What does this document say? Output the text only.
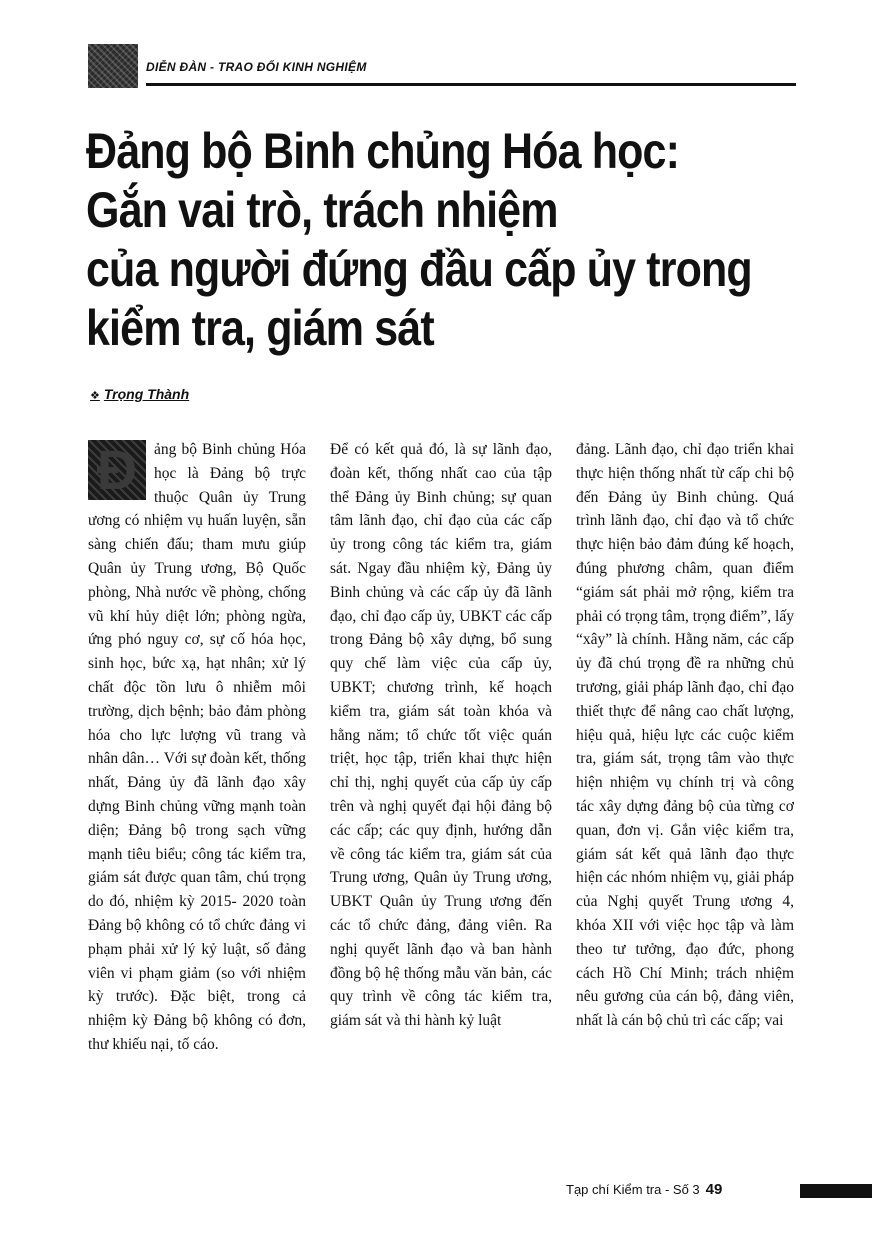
DIỄN ĐÀN - TRAO ĐỔI KINH NGHIỆM
Đảng bộ Binh chủng Hóa học:
Gắn vai trò, trách nhiệm
của người đứng đầu cấp ủy trong
kiểm tra, giám sát
❖ Trọng Thành
Đ	ảng bộ Binh chủng Hóa học là Đảng bộ trực thuộc Quân ủy Trung ương có nhiệm vụ huấn luyện, sẵn sàng chiến đấu; tham mưu giúp Quân ủy Trung ương, Bộ Quốc phòng, Nhà nước về phòng, chống vũ khí hủy diệt lớn; phòng ngừa, ứng phó nguy cơ, sự cố hóa học, sinh học, bức xạ, hạt nhân; xử lý chất độc tồn lưu ô nhiễm môi trường, dịch bệnh; bảo đảm phòng hóa cho lực lượng vũ trang và nhân dân… Với sự đoàn kết, thống nhất, Đảng ủy đã lãnh đạo xây dựng Binh chủng vững mạnh toàn diện; Đảng bộ trong sạch vững mạnh tiêu biểu; công tác kiểm tra, giám sát được quan tâm, chú trọng do đó, nhiệm kỳ 2015- 2020 toàn Đảng bộ không có tổ chức đảng vi phạm phải xử lý kỷ luật, số đảng viên vi phạm giảm (so với nhiệm kỳ trước). Đặc biệt, trong cả nhiệm kỳ Đảng bộ không có đơn, thư khiếu nại, tố cáo.
Để có kết quả đó, là sự lãnh đạo, đoàn kết, thống nhất cao của tập thể Đảng ủy Binh chủng; sự quan tâm lãnh đạo, chỉ đạo của các cấp ủy trong công tác kiểm tra, giám sát. Ngay đầu nhiệm kỳ, Đảng ủy Binh chủng và các cấp ủy đã lãnh đạo, chỉ đạo cấp ủy, UBKT các cấp trong Đảng bộ xây dựng, bổ sung quy chế làm việc của cấp ủy, UBKT; chương trình, kế hoạch kiểm tra, giám sát toàn khóa và hằng năm; tổ chức tốt việc quán triệt, học tập, triển khai thực hiện chỉ thị, nghị quyết của cấp ủy cấp trên và nghị quyết đại hội đảng bộ các cấp; các quy định, hướng dẫn về công tác kiểm tra, giám sát của Trung ương, Quân ủy Trung ương, UBKT Quân ủy Trung ương đến các tổ chức đảng, đảng viên. Ra nghị quyết lãnh đạo và ban hành đồng bộ hệ thống mẫu văn bản, các quy trình về công tác kiểm tra, giám sát và thi hành kỷ luật
đảng. Lãnh đạo, chỉ đạo triển khai thực hiện thống nhất từ cấp chi bộ đến Đảng ủy Binh chủng. Quá trình lãnh đạo, chỉ đạo và tổ chức thực hiện bảo đảm đúng kế hoạch, đúng phương châm, quan điểm “giám sát phải mở rộng, kiểm tra phải có trọng tâm, trọng điểm”, lấy “xây” là chính. Hằng năm, các cấp ủy đã chú trọng đề ra những chủ trương, giải pháp lãnh đạo, chỉ đạo thiết thực để nâng cao chất lượng, hiệu quả, hiệu lực các cuộc kiểm tra, giám sát, trọng tâm vào thực hiện nhiệm vụ chính trị và công tác xây dựng đảng bộ của từng cơ quan, đơn vị. Gắn việc kiểm tra, giám sát kết quả lãnh đạo thực hiện các nhóm nhiệm vụ, giải pháp của Nghị quyết Trung ương 4, khóa XII với việc học tập và làm theo tư tưởng, đạo đức, phong cách Hồ Chí Minh; trách nhiệm nêu gương của cán bộ, đảng viên, nhất là cán bộ chủ trì các cấp; vai
Tạp chí Kiểm tra - Số 3 49
